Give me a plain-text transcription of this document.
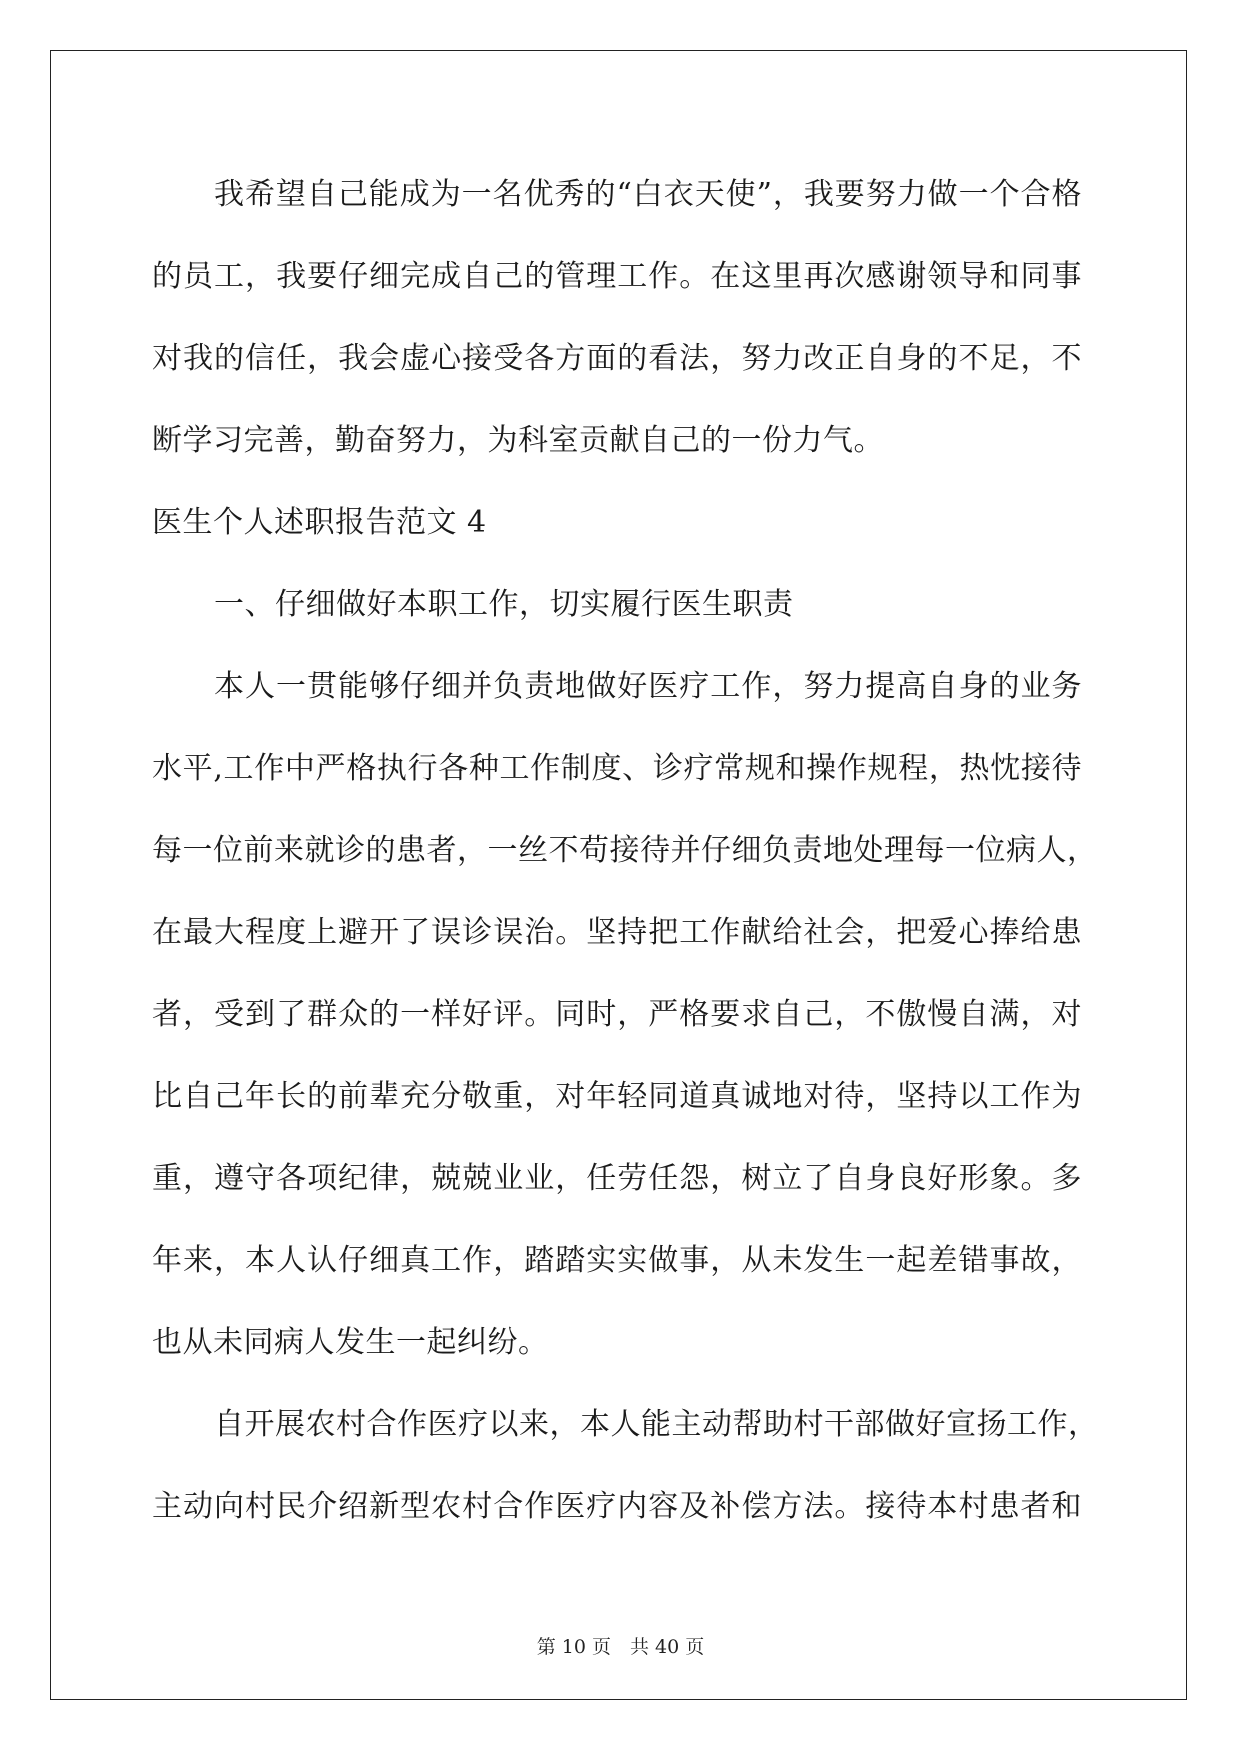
我希望自己能成为一名优秀的“白衣天使”，我要努力做一个合格
的员工，我要仔细完成自己的管理工作。在这里再次感谢领导和同事
对我的信任，我会虚心接受各方面的看法，努力改正自身的不足，不
断学习完善，勤奋努力，为科室贡献自己的一份力气。
医生个人述职报告范文 4
一、仔细做好本职工作，切实履行医生职责
本人一贯能够仔细并负责地做好医疗工作，努力提高自身的业务
水平,工作中严格执行各种工作制度、诊疗常规和操作规程，热忱接待
每一位前来就诊的患者，一丝不苟接待并仔细负责地处理每一位病人，
在最大程度上避开了误诊误治。坚持把工作献给社会，把爱心捧给患
者，受到了群众的一样好评。同时，严格要求自己，不傲慢自满，对
比自己年长的前辈充分敬重，对年轻同道真诚地对待，坚持以工作为
重，遵守各项纪律，兢兢业业，任劳任怨，树立了自身良好形象。多
年来，本人认仔细真工作，踏踏实实做事，从未发生一起差错事故，
也从未同病人发生一起纠纷。
自开展农村合作医疗以来，本人能主动帮助村干部做好宣扬工作，
主动向村民介绍新型农村合作医疗内容及补偿方法。接待本村患者和
第 10 页　共 40 页
